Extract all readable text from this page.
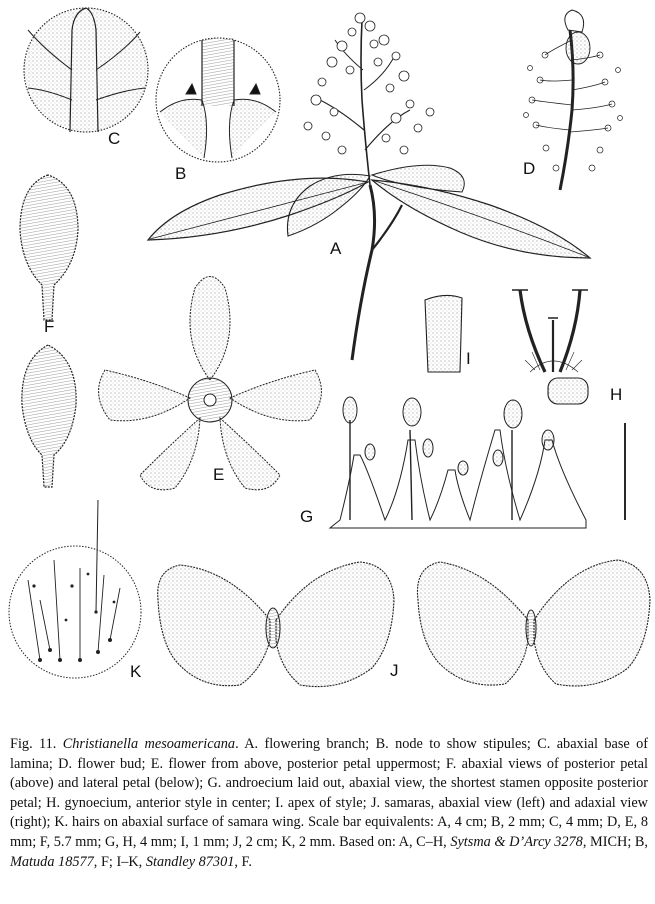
C
B	D
A
F
I
H
E
G
K	J
Fig. 11. Christianella mesoamericana. A. flowering branch; B. node to show stipules; C. abaxial base of lamina; D. flower bud; E. flower from above, posterior petal uppermost; F. abaxial views of posterior petal (above) and lateral petal (below); G. androecium laid out, abaxial view, the shortest stamen opposite posterior petal; H. gynoecium, anterior style in center; I. apex of style; J. samaras, abaxial view (left) and adaxial view (right); K. hairs on abaxial surface of samara wing. Scale bar equivalents: A, 4 cm; B, 2 mm; C, 4 mm; D, E, 8 mm; F, 5.7 mm; G, H, 4 mm; I, 1 mm; J, 2 cm; K, 2 mm. Based on: A, C–H, Sytsma & D’Arcy 3278, MICH; B, Matuda 18577, F; I–K, Standley 87301, F.
